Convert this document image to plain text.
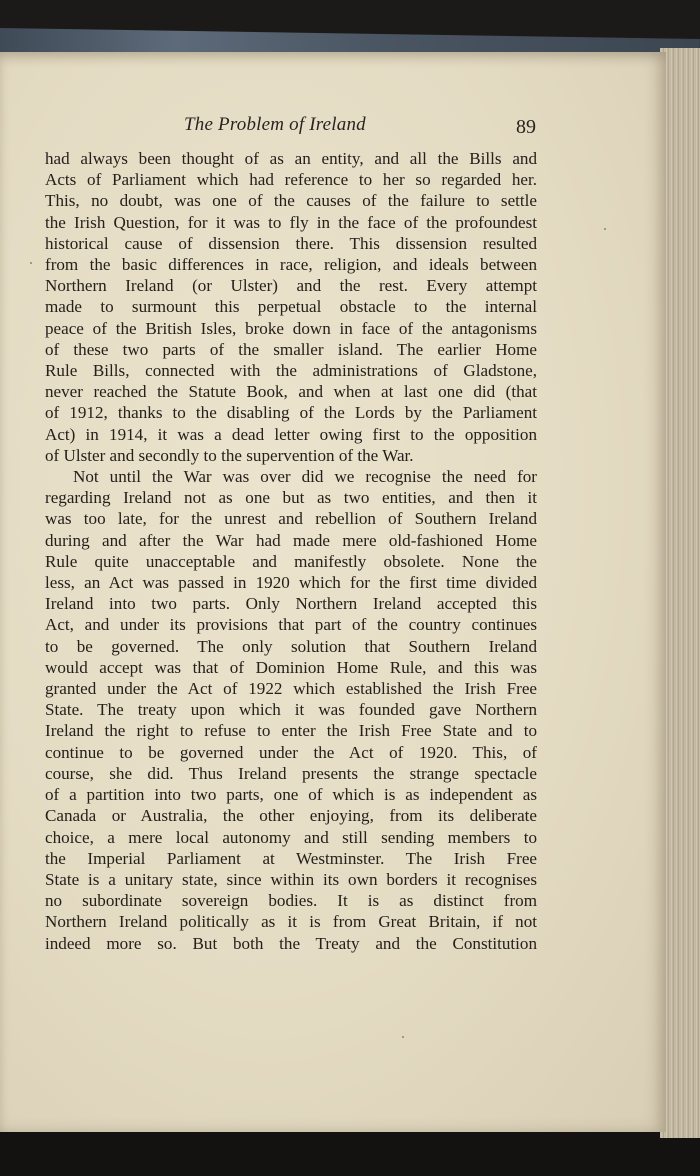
The Problem of Ireland	89
had always been thought of as an entity, and all the Bills and
Acts of Parliament which had reference to her so regarded her.
This, no doubt, was one of the causes of the failure to settle
the Irish Question, for it was to fly in the face of the profoundest
historical cause of dissension there. This dissension resulted
from the basic differences in race, religion, and ideals between
Northern Ireland (or Ulster) and the rest. Every attempt
made to surmount this perpetual obstacle to the internal
peace of the British Isles, broke down in face of the antagonisms
of these two parts of the smaller island. The earlier Home
Rule Bills, connected with the administrations of Gladstone,
never reached the Statute Book, and when at last one did (that
of 1912, thanks to the disabling of the Lords by the Parliament
Act) in 1914, it was a dead letter owing first to the opposition
of Ulster and secondly to the supervention of the War.
Not until the War was over did we recognise the need for
regarding Ireland not as one but as two entities, and then it
was too late, for the unrest and rebellion of Southern Ireland
during and after the War had made mere old-fashioned Home
Rule quite unacceptable and manifestly obsolete. None the
less, an Act was passed in 1920 which for the first time divided
Ireland into two parts. Only Northern Ireland accepted this
Act, and under its provisions that part of the country continues
to be governed. The only solution that Southern Ireland
would accept was that of Dominion Home Rule, and this was
granted under the Act of 1922 which established the Irish Free
State. The treaty upon which it was founded gave Northern
Ireland the right to refuse to enter the Irish Free State and to
continue to be governed under the Act of 1920. This, of
course, she did. Thus Ireland presents the strange spectacle
of a partition into two parts, one of which is as independent as
Canada or Australia, the other enjoying, from its deliberate
choice, a mere local autonomy and still sending members to
the Imperial Parliament at Westminster. The Irish Free
State is a unitary state, since within its own borders it recognises
no subordinate sovereign bodies. It is as distinct from
Northern Ireland politically as it is from Great Britain, if not
indeed more so. But both the Treaty and the Constitution
